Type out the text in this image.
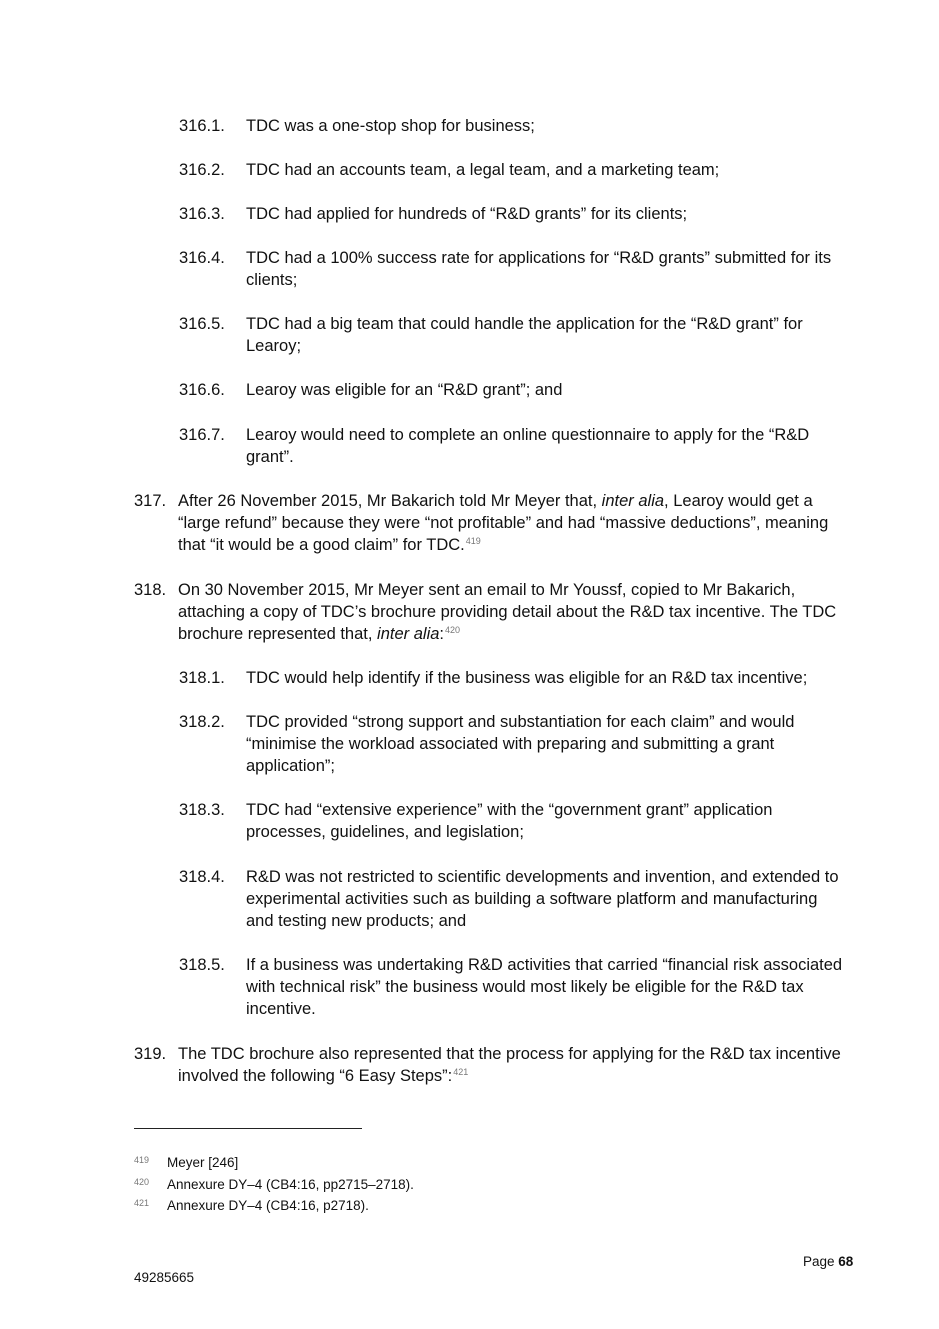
316.1. TDC was a one-stop shop for business;
316.2. TDC had an accounts team, a legal team, and a marketing team;
316.3. TDC had applied for hundreds of “R&D grants” for its clients;
316.4. TDC had a 100% success rate for applications for “R&D grants” submitted for its clients;
316.5. TDC had a big team that could handle the application for the “R&D grant” for Learoy;
316.6. Learoy was eligible for an “R&D grant”; and
316.7. Learoy would need to complete an online questionnaire to apply for the “R&D grant”.
317. After 26 November 2015, Mr Bakarich told Mr Meyer that, inter alia, Learoy would get a “large refund” because they were “not profitable” and had “massive deductions”, meaning that “it would be a good claim” for TDC.$^{419}$
318. On 30 November 2015, Mr Meyer sent an email to Mr Youssf, copied to Mr Bakarich, attaching a copy of TDC’s brochure providing detail about the R&D tax incentive. The TDC brochure represented that, inter alia:$^{420}$
318.1. TDC would help identify if the business was eligible for an R&D tax incentive;
318.2. TDC provided “strong support and substantiation for each claim” and would “minimise the workload associated with preparing and submitting a grant application”;
318.3. TDC had “extensive experience” with the “government grant” application processes, guidelines, and legislation;
318.4. R&D was not restricted to scientific developments and invention, and extended to experimental activities such as building a software platform and manufacturing and testing new products; and
318.5. If a business was undertaking R&D activities that carried “financial risk associated with technical risk” the business would most likely be eligible for the R&D tax incentive.
319. The TDC brochure also represented that the process for applying for the R&D tax incentive involved the following “6 Easy Steps”:$^{421}$
419 Meyer [246]
420 Annexure DY–4 (CB4:16, pp2715–2718).
421 Annexure DY–4 (CB4:16, p2718).
Page 68
49285665
